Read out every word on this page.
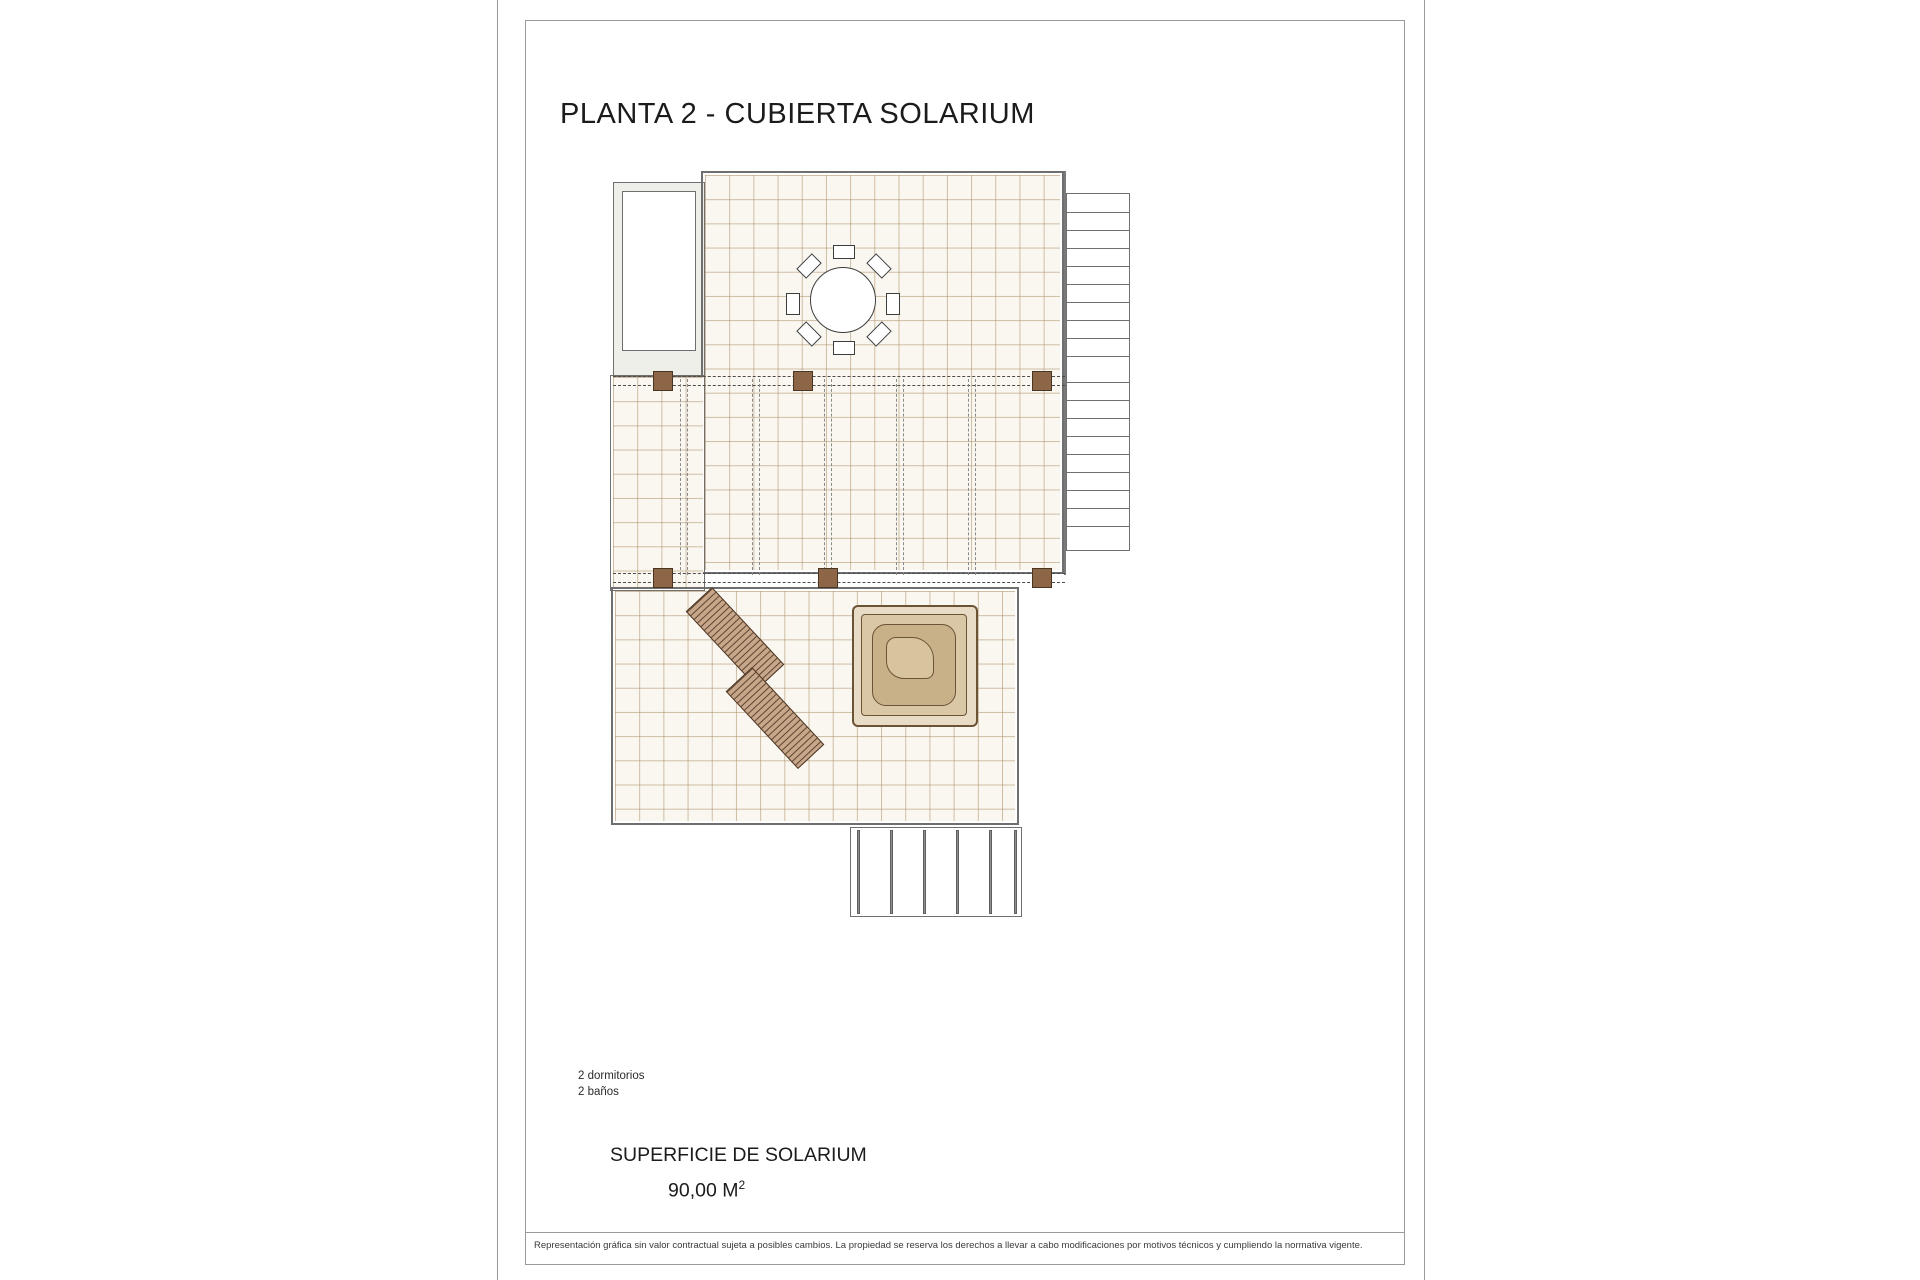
PLANTA 2 - CUBIERTA SOLARIUM
2 dormitorios
2 baños
SUPERFICIE DE SOLARIUM
90,00 $M^2$
Representación gráfica sin valor contractual sujeta a posibles cambios. La propiedad se reserva los derechos a llevar a cabo modificaciones por motivos técnicos y cumpliendo la normativa vigente.
